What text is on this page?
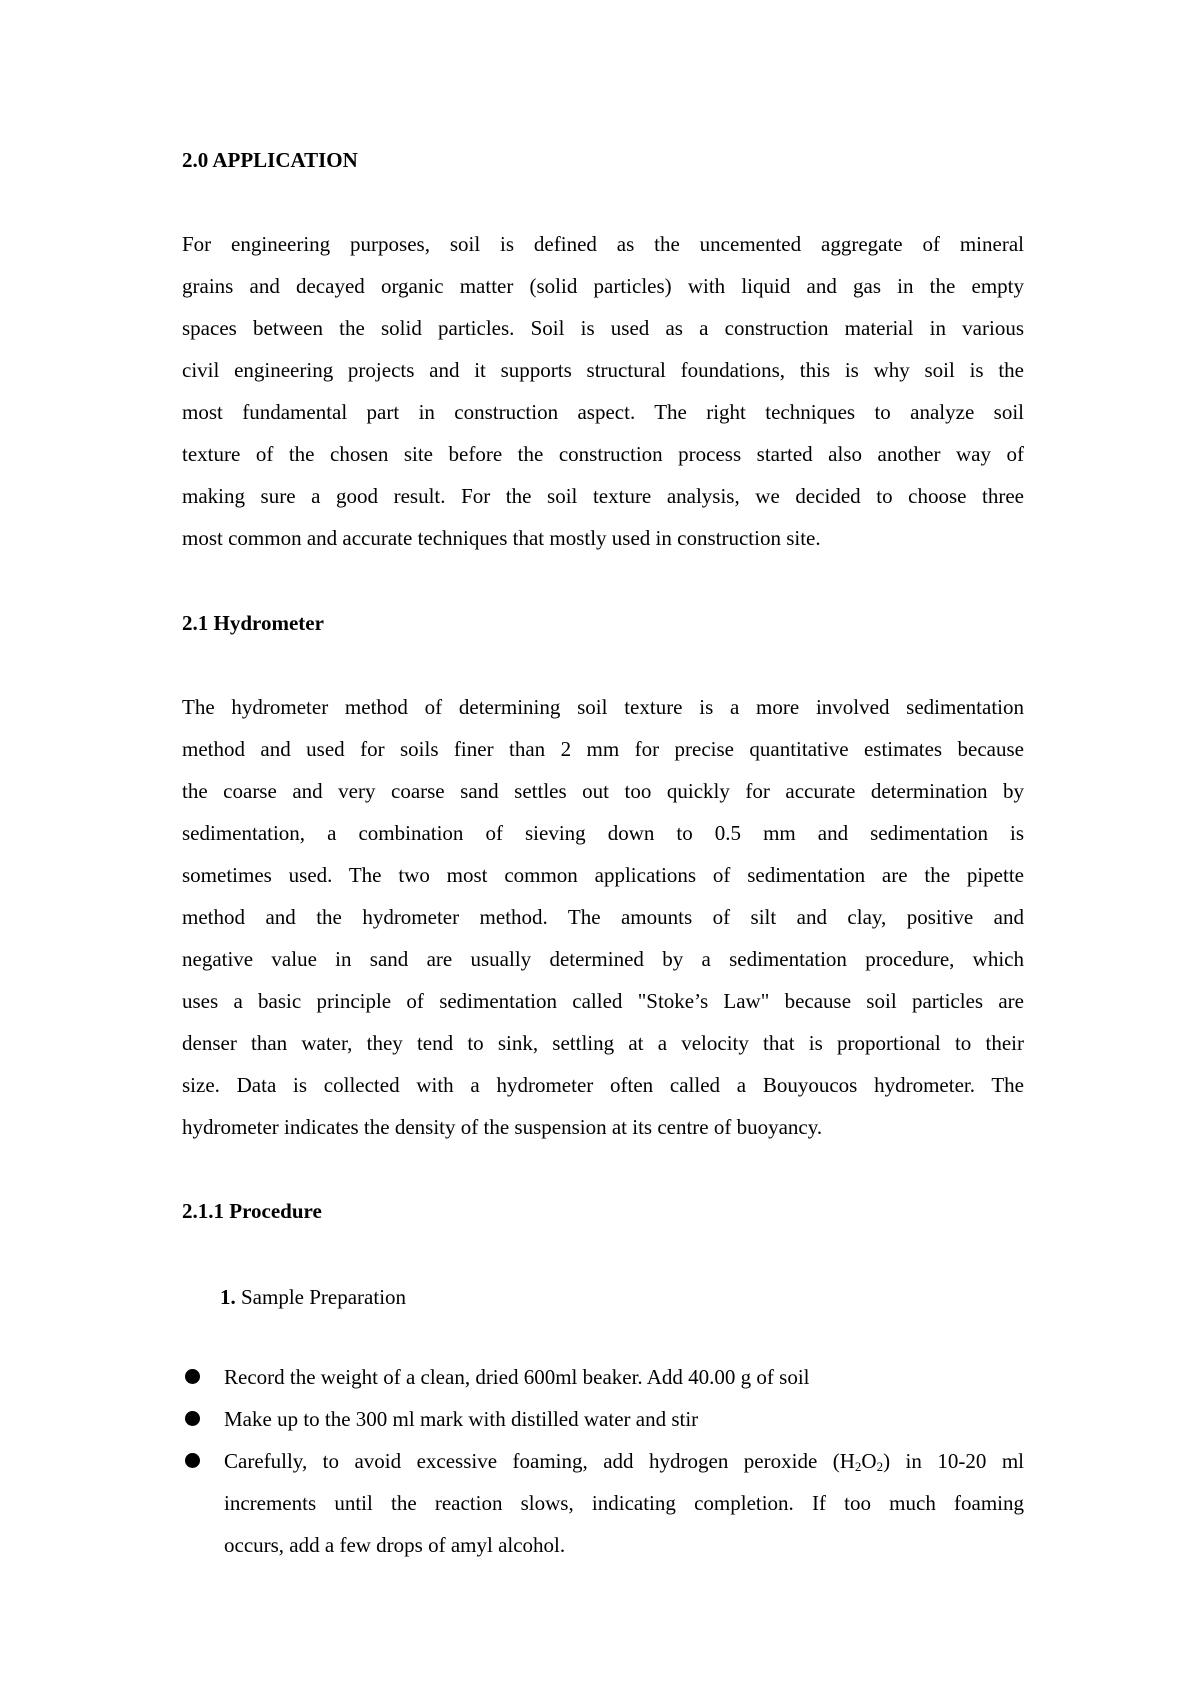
2.0 APPLICATION
For engineering purposes, soil is defined as the uncemented aggregate of mineral
grains and decayed organic matter (solid particles) with liquid and gas in the empty
spaces between the solid particles. Soil is used as a construction material in various
civil engineering projects and it supports structural foundations, this is why soil is the
most fundamental part in construction aspect. The right techniques to analyze soil
texture of the chosen site before the construction process started also another way of
making sure a good result. For the soil texture analysis, we decided to choose three
most common and accurate techniques that mostly used in construction site.
2.1 Hydrometer
The hydrometer method of determining soil texture is a more involved sedimentation
method and used for soils finer than 2 mm for precise quantitative estimates because
the coarse and very coarse sand settles out too quickly for accurate determination by
sedimentation, a combination of sieving down to 0.5 mm and sedimentation is
sometimes used. The two most common applications of sedimentation are the pipette
method and the hydrometer method. The amounts of silt and clay, positive and
negative value in sand are usually determined by a sedimentation procedure, which
uses a basic principle of sedimentation called "Stoke’s Law" because soil particles are
denser than water, they tend to sink, settling at a velocity that is proportional to their
size. Data is collected with a hydrometer often called a Bouyoucos hydrometer. The
hydrometer indicates the density of the suspension at its centre of buoyancy.
2.1.1 Procedure
1. Sample Preparation
Record the weight of a clean, dried 600ml beaker. Add 40.00 g of soil
Make up to the 300 ml mark with distilled water and stir
Carefully, to avoid excessive foaming, add hydrogen peroxide $(H_2O_2)$ in 10-20 ml
increments until the reaction slows, indicating completion. If too much foaming
occurs, add a few drops of amyl alcohol.
